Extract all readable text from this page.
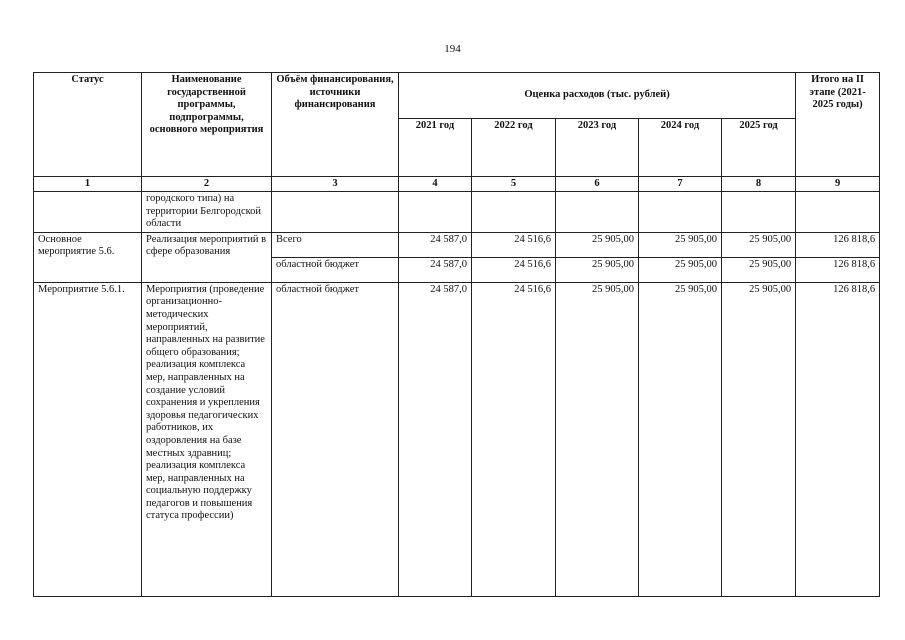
194
Статус	Наименование государственной программы, подпрограммы, основного мероприятия	Объём финансирования, источники финансирования	Оценка расходов (тыс. рублей)					Итого на II этапе (2021-2025 годы)
			2021 год	2022 год	2023 год	2024 год	2025 год	
1	2	3	4	5	6	7	8	9
	городского типа) на территории Белгородской области							
Основное мероприятие 5.6.	Реализация мероприятий в сфере образования	Всего	24 587,0	24 516,6	25 905,00	25 905,00	25 905,00	126 818,6
		областной бюджет	24 587,0	24 516,6	25 905,00	25 905,00	25 905,00	126 818,6
Мероприятие 5.6.1.	Мероприятия (проведение организационно-методических мероприятий, направленных на развитие общего образования; реализация комплекса мер, направленных на создание условий сохранения и укрепления здоровья педагогических работников, их оздоровления на базе местных здравниц; реализация комплекса мер, направленных на социальную поддержку педагогов и повышения статуса профессии)	областной бюджет	24 587,0	24 516,6	25 905,00	25 905,00	25 905,00	126 818,6
